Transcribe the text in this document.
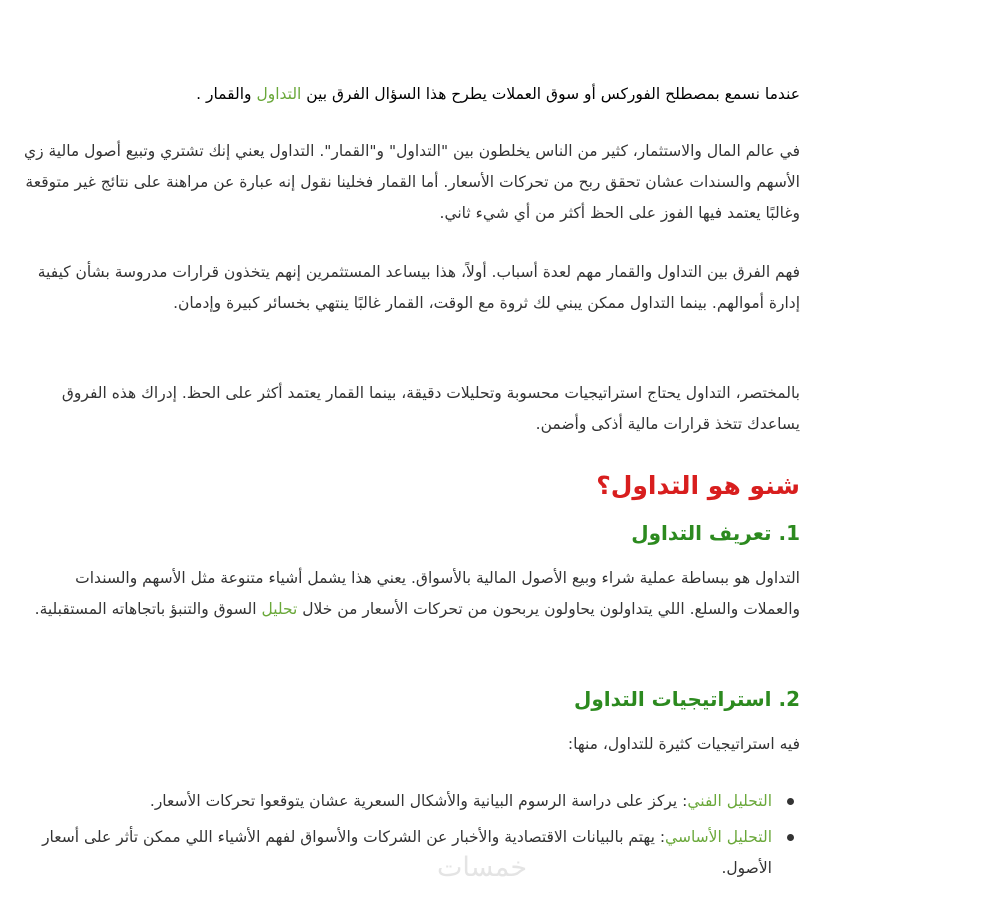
عندما نسمع بمصطلح الفوركس أو سوق العملات يطرح هذا السؤال الفرق بين التداول والقمار .

في عالم المال والاستثمار، كثير من الناس يخلطون بين "التداول" و"القمار". التداول يعني إنك تشتري وتبيع أصول مالية زي الأسهم والسندات عشان تحقق ربح من تحركات الأسعار. أما القمار فخلينا نقول إنه عبارة عن مراهنة على نتائج غير متوقعة وغالبًا يعتمد فيها الفوز على الحظ أكثر من أي شيء ثاني.

فهم الفرق بين التداول والقمار مهم لعدة أسباب. أولاً، هذا بيساعد المستثمرين إنهم يتخذون قرارات مدروسة بشأن كيفية إدارة أموالهم. بينما التداول ممكن يبني لك ثروة مع الوقت، القمار غالبًا ينتهي بخسائر كبيرة وإدمان.

بالمختصر، التداول يحتاج استراتيجيات محسوبة وتحليلات دقيقة، بينما القمار يعتمد أكثر على الحظ. إدراك هذه الفروق يساعدك تتخذ قرارات مالية أذكى وأضمن.

شنو هو التداول؟
1. تعريف التداول

التداول هو ببساطة عملية شراء وبيع الأصول المالية بالأسواق. يعني هذا يشمل أشياء متنوعة مثل الأسهم والسندات والعملات والسلع. اللي يتداولون يحاولون يربحون من تحركات الأسعار من خلال تحليل السوق والتنبؤ باتجاهاته المستقبلية.

2. استراتيجيات التداول

فيه استراتيجيات كثيرة للتداول، منها:

التحليل الفني: يركز على دراسة الرسوم البيانية والأشكال السعرية عشان يتوقعوا تحركات الأسعار.
التحليل الأساسي: يهتم بالبيانات الاقتصادية والأخبار عن الشركات والأسواق لفهم الأشياء اللي ممكن تأثر على أسعار الأصول.
خمسات
